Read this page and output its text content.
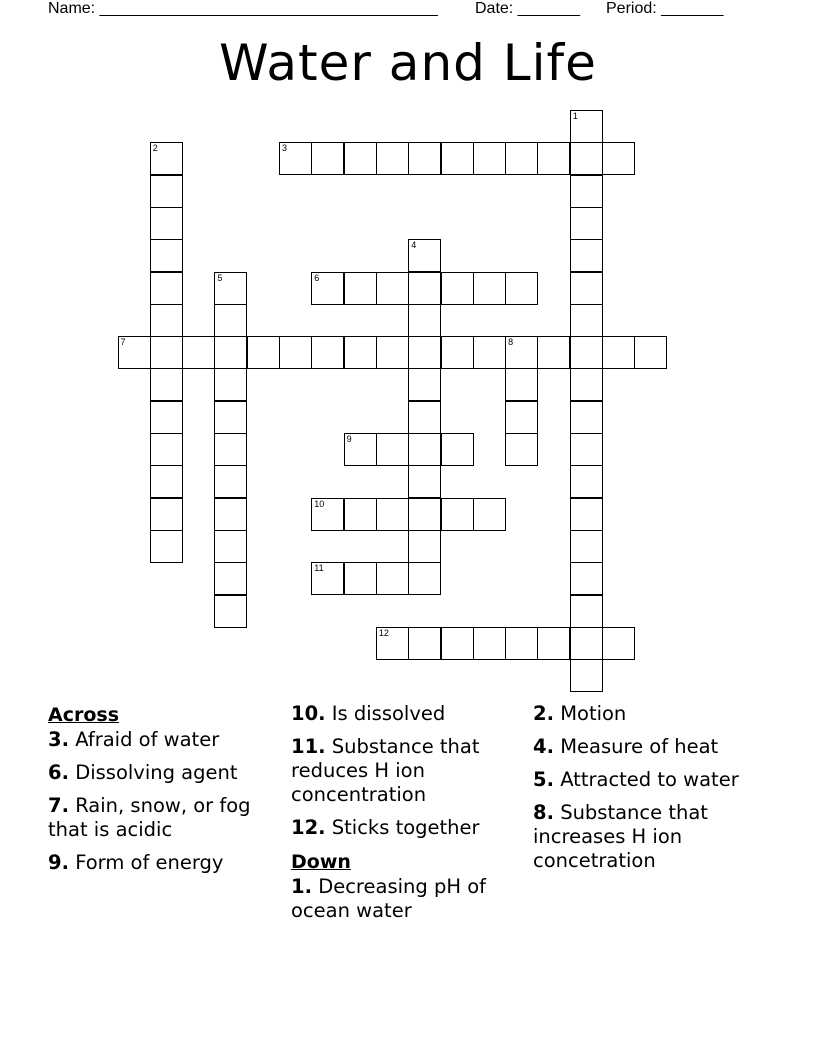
Name: ______________________________________ Date: _______ Period: _______
Water and Life
1
2	3
4
5	6
7	8
9
10
11
12
Across
3. Afraid of water
6. Dissolving agent
7. Rain, snow, or fog that is acidic
9. Form of energy
10. Is dissolved
11. Substance that reduces H ion concentration
12. Sticks together
Down
1. Decreasing pH of ocean water
2. Motion
4. Measure of heat
5. Attracted to water
8. Substance that increases H ion concetration
